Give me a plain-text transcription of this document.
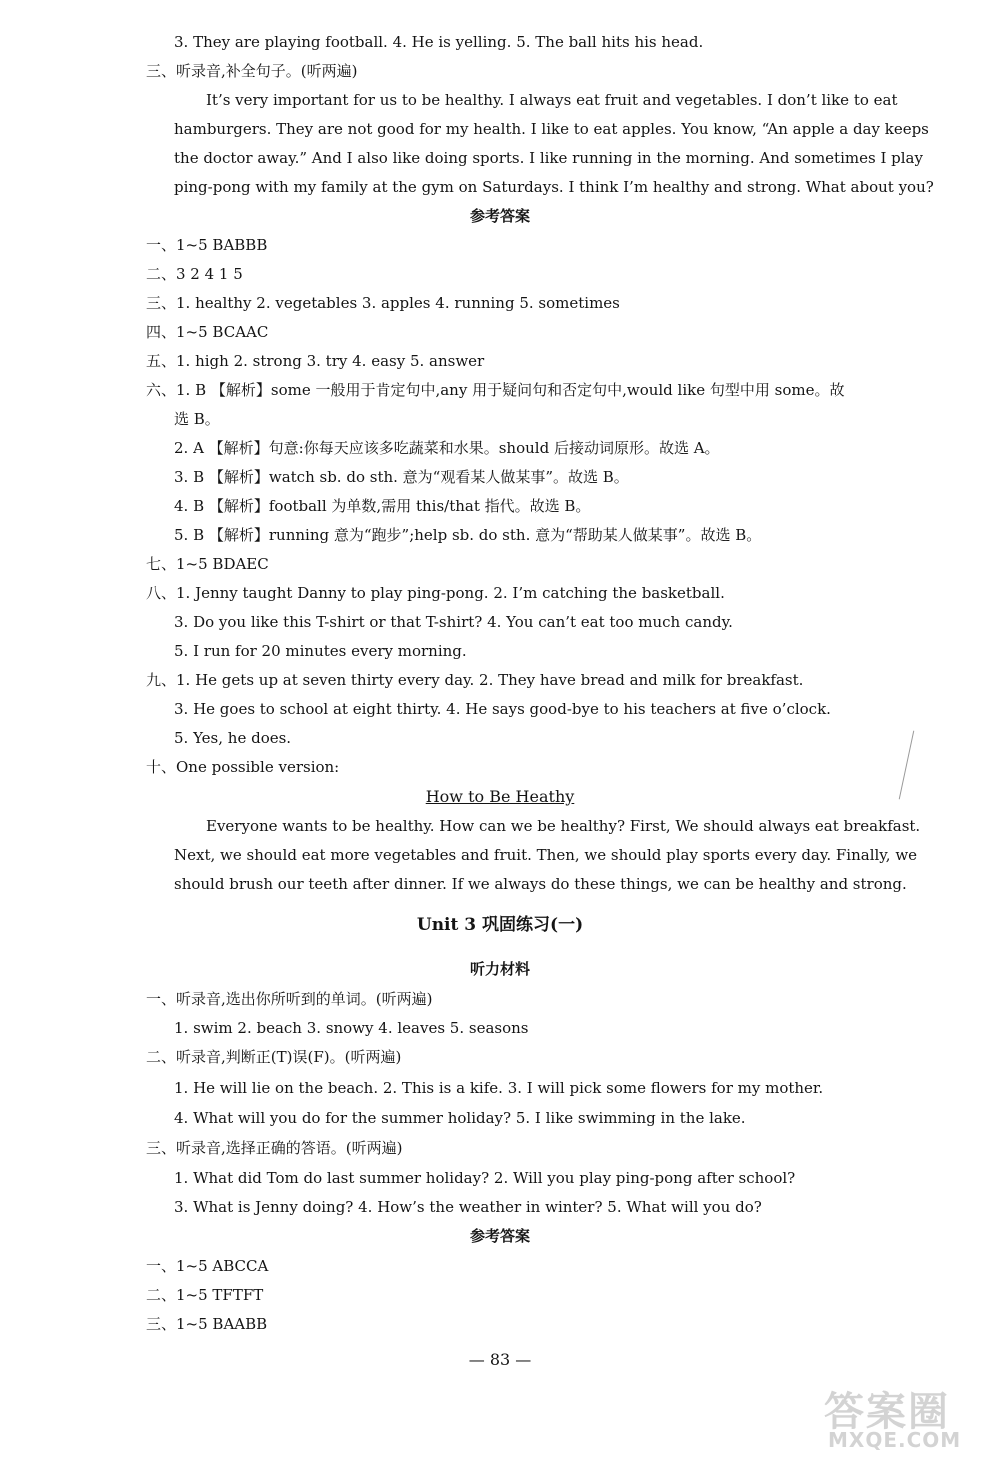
3. They are playing football. 4. He is yelling. 5. The ball hits his head.
三、听录音,补全句子。(听两遍)
It’s very important for us to be healthy. I always eat fruit and vegetables. I don’t like to eat
hamburgers. They are not good for my health. I like to eat apples. You know, “An apple a day keeps
the doctor away.” And I also like doing sports. I like running in the morning. And sometimes I play
ping-pong with my family at the gym on Saturdays. I think I’m healthy and strong. What about you?
参考答案
一、1~5 BABBB
二、3 2 4 1 5
三、1. healthy 2. vegetables 3. apples 4. running 5. sometimes
四、1~5 BCAAC
五、1. high 2. strong 3. try 4. easy 5. answer
六、1. B 【解析】some 一般用于肯定句中,any 用于疑问句和否定句中,would like 句型中用 some。故
选 B。
2. A 【解析】句意:你每天应该多吃蔬菜和水果。should 后接动词原形。故选 A。
3. B 【解析】watch sb. do sth. 意为“观看某人做某事”。故选 B。
4. B 【解析】football 为单数,需用 this/that 指代。故选 B。
5. B 【解析】running 意为“跑步”;help sb. do sth. 意为“帮助某人做某事”。故选 B。
七、1~5 BDAEC
八、1. Jenny taught Danny to play ping-pong. 2. I’m catching the basketball.
3. Do you like this T-shirt or that T-shirt? 4. You can’t eat too much candy.
5. I run for 20 minutes every morning.
九、1. He gets up at seven thirty every day. 2. They have bread and milk for breakfast.
3. He goes to school at eight thirty. 4. He says good-bye to his teachers at five o’clock.
5. Yes, he does.
十、One possible version:
How to Be Heathy
Everyone wants to be healthy. How can we be healthy? First, We should always eat breakfast.
Next, we should eat more vegetables and fruit. Then, we should play sports every day. Finally, we
should brush our teeth after dinner. If we always do these things, we can be healthy and strong.
Unit 3 巩固练习(一)
听力材料
一、听录音,选出你所听到的单词。(听两遍)
1. swim 2. beach 3. snowy 4. leaves 5. seasons
二、听录音,判断正(T)误(F)。(听两遍)
1. He will lie on the beach. 2. This is a kife. 3. I will pick some flowers for my mother.
4. What will you do for the summer holiday? 5. I like swimming in the lake.
三、听录音,选择正确的答语。(听两遍)
1. What did Tom do last summer holiday? 2. Will you play ping-pong after school?
3. What is Jenny doing? 4. How’s the weather in winter? 5. What will you do?
参考答案
一、1~5 ABCCA
二、1~5 TFTFT
三、1~5 BAABB
— 83 —
答案圈
MXQE.COM
